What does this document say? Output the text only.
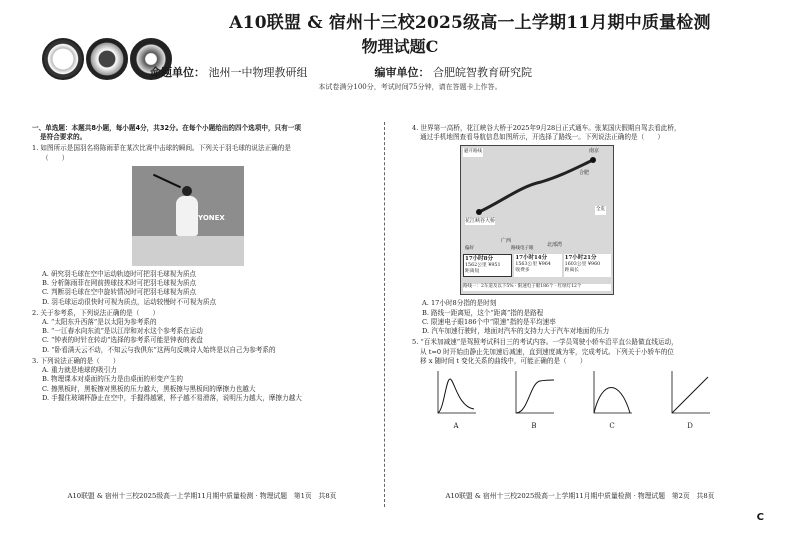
A10联盟 & 宿州十三校2025级高一上学期11月期中质量检测
物理试题C
命题单位： 池州一中物理教研组	编审单位： 合肥皖智教育研究院
本试卷满分100分，考试时间75分钟，请在答题卡上作答。

一、单选题：本题共8小题，每小题4分，共32分。在每个小题给出的四个选项中，只有一项

是符合要求的。

1. 如图所示是国羽名将陈雨菲在某次比赛中击球的瞬间。下列关于羽毛球的说法正确的是

（　　）

YONEX

A. 研究羽毛球在空中运动轨迹时可把羽毛球视为质点

B. 分析陈雨菲在网前搓球技术时可把羽毛球视为质点

C. 判断羽毛球在空中旋转情况时可把羽毛球视为质点

D. 羽毛球运动很快时可视为质点，运动较慢时不可视为质点

2. 关于参考系，下列说法正确的是（　　）

A. “太阳东升西落”是以太阳为参考系的

B. “一江春水向东流”是以江岸和对水这个参考系在运动

C. “钟表的时针在转动”选择的参考系可能是钟表的表盘

D. “卧看满天云不动，不知云与我俱东”这两句反映诗人始终是以自己为参考系的

3. 下列说法正确的是（　　）

A. 重力就是地球的吸引力

B. 物理课本对桌面的压力是由桌面的形变产生的

C. 擦黑板时，黑板擦对黑板的压力越大，黑板擦与黑板间的摩擦力也越大

D. 手握住玻璃杯静止在空中，手握得越紧，杯子越不易滑落，说明压力越大，摩擦力越大

4. 世界第一高桥，花江峡谷大桥于2025年9月28日正式通车。张某国庆假期自驾去看此桥，

通过手机地图查看导航信息如图所示，开选择了路线一。下列说法正确的是（　　）

南京
合肥
花江峡谷大桥
广西
北部湾
避开路线
全览
偏好	路线电子眼
17小时8分
1562公里 ¥951
距离短
17小时14分
1563公里 ¥964
收费多
17小时21分
1603公里 ¥960
距离长
路线一：2车道及以下5% · 限速电子眼186个 · 红绿灯12个

A. 17小时8分指的是时刻

B. 路线一距离短，这个“距离”指的是路程

C. 限速电子眼186个中“限速”指的是平均速率

D. 汽车加速行驶时，地面对汽车的支持力大于汽车对地面的压力

5. “百米加减速”是驾照考试科目三的考试内容。一学员驾驶小轿车沿平直公路做直线运动，

从 t=0 时开始由静止先加速后减速，直到速度减为零，完成考试。下列关于小轿车的位

移 x 随时间 t 变化关系的曲线中，可能正确的是（　　）

A	B	C	D
A10联盟 & 宿州十三校2025级高一上学期11月期中质量检测 · 物理试题　第1页　共8页	A10联盟 & 宿州十三校2025级高一上学期11月期中质量检测 · 物理试题　第2页　共8页
C
